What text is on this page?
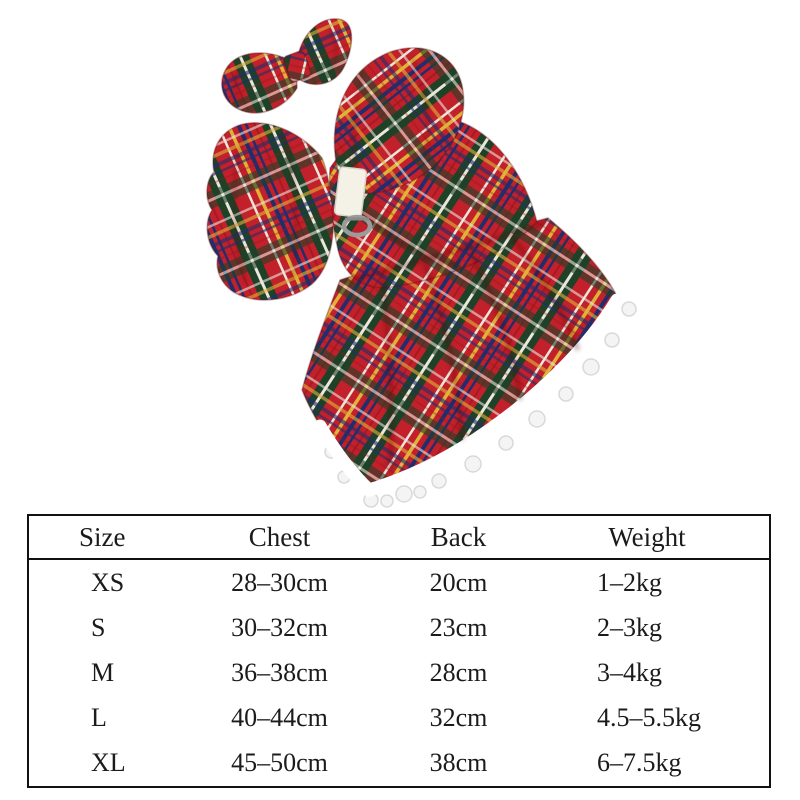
Size	Chest	Back	Weight
XS	28–30cm	20cm	1–2kg
S	30–32cm	23cm	2–3kg
M	36–38cm	28cm	3–4kg
L	40–44cm	32cm	4.5–5.5kg
XL	45–50cm	38cm	6–7.5kg
